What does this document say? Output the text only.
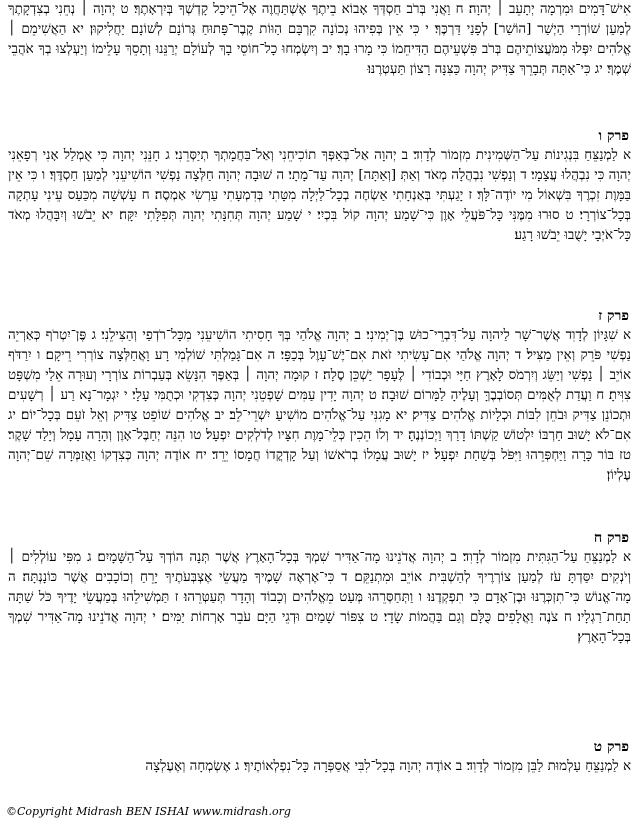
אִישׁ־דָּמִים וּמִרְמָה יְתָעֵב ׀ יְהוָה׃ ח וַאֲנִי בְּרֹב חַסְדְּךָ אָבוֹא בֵיתֶךָ אֶשְׁתַּחֲוֶה אֶל־הֵיכַל קָדְשְׁךָ בְּיִרְאָתֶךָ׃ ט יְהוָה ׀ נְחֵנִי בְצִדְקָתֶךָ לְמַעַן שׁוֹרְרָי הַיְשַׁר [הוֹשַׁר] לְפָנַי דַּרְכֶּךָ׃ י כִּי אֵין בְּפִיהוּ נְכוֹנָה קִרְבָּם הַוּוֹת קֶבֶר־פָּתוּחַ גְּרוֹנָם לְשׁוֹנָם יַחֲלִיקוּן׃ יא הַאֲשִׁימֵם ׀ אֱלֹהִים יִפְּלוּ מִמֹּעֲצוֹתֵיהֶם בְּרֹב פִּשְׁעֵיהֶם הַדִּיחֵמוֹ כִּי מָרוּ בָךְ׃ יב וְיִשְׂמְחוּ כָל־חוֹסֵי בָךְ לְעוֹלָם יְרַנֵּנוּ וְתָסֵךְ עָלֵימוֹ וְיַעְלְצוּ בְךָ אֹהֲבֵי שְׁמֶךָ׃ יג כִּי־אַתָּה תְּבָרֵךְ צַדִּיק יְהוָה כַּצִּנָּה רָצוֹן תַּעְטְרֶנּוּ׃

פרק ו

א לַמְנַצֵּחַ בִּנְגִינוֹת עַל־הַשְּׁמִינִית מִזְמוֹר לְדָוִד׃ ב יְהוָה אַל־בְּאַפְּךָ תוֹכִיחֵנִי וְאַל־בַּחֲמָתְךָ תְיַסְּרֵנִי׃ ג חָנֵּנִי יְהוָה כִּי אֻמְלַל אָנִי רְפָאֵנִי יְהוָה כִּי נִבְהֲלוּ עֲצָמָי׃ ד וְנַפְשִׁי נִבְהֲלָה מְאֹד וְאַתְּ [וְאַתָּה] יְהוָה עַד־מָתָי׃ ה שׁוּבָה יְהוָה חַלְּצָה נַפְשִׁי הוֹשִׁיעֵנִי לְמַעַן חַסְדֶּךָ׃ ו כִּי אֵין בַּמָּוֶת זִכְרֶךָ בִּשְׁאוֹל מִי יוֹדֶה־לָּךְ׃ ז יָגַעְתִּי בְּאַנְחָתִי אַשְׂחֶה בְכָל־לַיְלָה מִטָּתִי בְּדִמְעָתִי עַרְשִׂי אַמְסֶה׃ ח עָשְׁשָׁה מִכַּעַס עֵינִי עָתְקָה בְּכָל־צוֹרְרָי׃ ט סוּרוּ מִמֶּנִּי כָּל־פֹּעֲלֵי אָוֶן כִּי־שָׁמַע יְהוָה קוֹל בִּכְיִי׃ י שָׁמַע יְהוָה תְּחִנָּתִי יְהוָה תְּפִלָּתִי יִקָּח׃ יא יֵבֹשׁוּ וְיִבָּהֲלוּ מְאֹד כָּל־אֹיְבָי יָשֻׁבוּ יֵבֹשׁוּ רָגַע׃

פרק ז

א שִׁגָּיוֹן לְדָוִד אֲשֶׁר־שָׁר לַיהוָה עַל־דִּבְרֵי־כוּשׁ בֶּן־יְמִינִי׃ ב יְהוָה אֱלֹהַי בְּךָ חָסִיתִי הוֹשִׁיעֵנִי מִכָּל־רֹדְפַי וְהַצִּילֵנִי׃ ג פֶּן־יִטְרֹף כְּאַרְיֵה נַפְשִׁי פֹּרֵק וְאֵין מַצִּיל׃ ד יְהוָה אֱלֹהַי אִם־עָשִׂיתִי זֹאת אִם־יֶשׁ־עָוֶל בְּכַפָּי׃ ה אִם־גָּמַלְתִּי שׁוֹלְמִי רָע וָאֲחַלְּצָה צוֹרְרִי רֵיקָם׃ ו יִרַדֹּף אוֹיֵב ׀ נַפְשִׁי וְיַשֵּׂג וְיִרְמֹס לָאָרֶץ חַיָּי וּכְבוֹדִי ׀ לֶעָפָר יַשְׁכֵּן סֶלָה׃ ז קוּמָה יְהוָה ׀ בְּאַפֶּךָ הִנָּשֵׂא בְּעַבְרוֹת צוֹרְרָי וְעוּרָה אֵלַי מִשְׁפָּט צִוִּיתָ׃ ח וַעֲדַת לְאֻמִּים תְּסוֹבְבֶךָּ וְעָלֶיהָ לַמָּרוֹם שׁוּבָה׃ ט יְהוָה יָדִין עַמִּים שָׁפְטֵנִי יְהוָה כְּצִדְקִי וּכְתֻמִּי עָלָי׃ י יִגְמָר־נָא רַע ׀ רְשָׁעִים וּתְכוֹנֵן צַדִּיק וּבֹחֵן לִבּוֹת וּכְלָיוֹת אֱלֹהִים צַדִּיק׃ יא מָגִנִּי עַל־אֱלֹהִים מוֹשִׁיעַ יִשְׁרֵי־לֵב׃ יב אֱלֹהִים שׁוֹפֵט צַדִּיק וְאֵל זֹעֵם בְּכָל־יוֹם׃ יג אִם־לֹא יָשׁוּב חַרְבּוֹ יִלְטוֹשׁ קַשְׁתּוֹ דָרַךְ וַיְכוֹנְנֶהָ׃ יד וְלוֹ הֵכִין כְּלֵי־מָוֶת חִצָּיו לְדֹלְקִים יִפְעָל׃ טו הִנֵּה יְחַבֶּל־אָוֶן וְהָרָה עָמָל וְיָלַד שָׁקֶר׃ טז בּוֹר כָּרָה וַיַּחְפְּרֵהוּ וַיִּפֹּל בְּשַׁחַת יִפְעָל׃ יז יָשׁוּב עֲמָלוֹ בְרֹאשׁוֹ וְעַל קָדְקֳדוֹ חֲמָסוֹ יֵרֵד׃ יח אוֹדֶה יְהוָה כְּצִדְקוֹ וַאֲזַמְּרָה שֵׁם־יְהוָה עֶלְיוֹן׃

פרק ח

א לַמְנַצֵּחַ עַל־הַגִּתִּית מִזְמוֹר לְדָוִד׃ ב יְהוָה אֲדֹנֵינוּ מָה־אַדִּיר שִׁמְךָ בְּכָל־הָאָרֶץ אֲשֶׁר תְּנָה הוֹדְךָ עַל־הַשָּׁמָיִם׃ ג מִפִּי עוֹלְלִים ׀ וְיֹנְקִים יִסַּדְתָּ עֹז לְמַעַן צוֹרְרֶיךָ לְהַשְׁבִּית אוֹיֵב וּמִתְנַקֵּם׃ ד כִּי־אֶרְאֶה שָׁמֶיךָ מַעֲשֵׂי אֶצְבְּעֹתֶיךָ יָרֵחַ וְכוֹכָבִים אֲשֶׁר כּוֹנָנְתָּה׃ ה מָה־אֱנוֹשׁ כִּי־תִזְכְּרֶנּוּ וּבֶן־אָדָם כִּי תִפְקְדֶנּוּ׃ ו וַתְּחַסְּרֵהוּ מְּעַט מֵאֱלֹהִים וְכָבוֹד וְהָדָר תְּעַטְּרֵהוּ׃ ז תַּמְשִׁילֵהוּ בְּמַעֲשֵׂי יָדֶיךָ כֹּל שַׁתָּה תַחַת־רַגְלָיו׃ ח צֹנֶה וַאֲלָפִים כֻּלָּם וְגַם בַּהֲמוֹת שָׂדָי׃ ט צִפּוֹר שָׁמַיִם וּדְגֵי הַיָּם עֹבֵר אָרְחוֹת יַמִּים׃ י יְהוָה אֲדֹנֵינוּ מָה־אַדִּיר שִׁמְךָ בְּכָל־הָאָרֶץ׃

פרק ט

א לַמְנַצֵּחַ עַלְמוּת לַבֵּן מִזְמוֹר לְדָוִד׃ ב אוֹדֶה יְהוָה בְּכָל־לִבִּי אֲסַפְּרָה כָּל־נִפְלְאוֹתֶיךָ׃ ג אֶשְׂמְחָה וְאֶעֶלְצָה

©Copyright Midrash BEN ISHAI www.midrash.org
